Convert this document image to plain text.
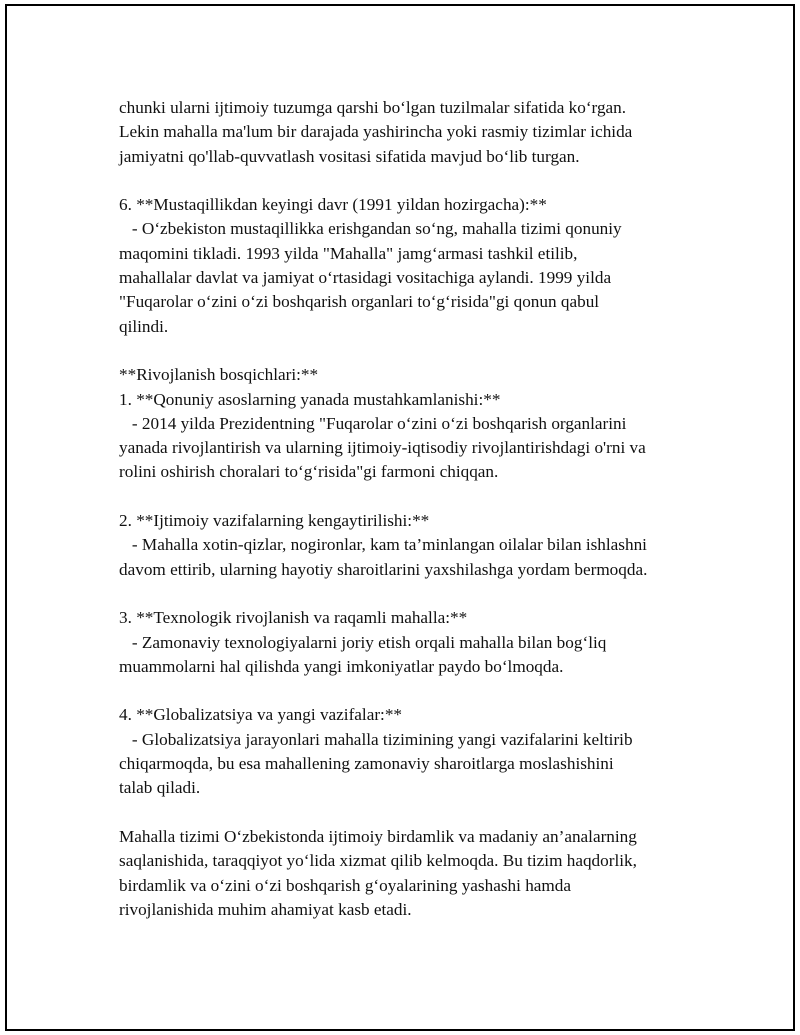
chunki ularni ijtimoiy tuzumga qarshi bo‘lgan tuzilmalar sifatida ko‘rgan.
Lekin mahalla ma'lum bir darajada yashirincha yoki rasmiy tizimlar ichida
jamiyatni qo'llab-quvvatlash vositasi sifatida mavjud bo‘lib turgan.

6. **Mustaqillikdan keyingi davr (1991 yildan hozirgacha):**
- O‘zbekiston mustaqillikka erishgandan so‘ng, mahalla tizimi qonuniy
maqomini tikladi. 1993 yilda "Mahalla" jamg‘armasi tashkil etilib,
mahallalar davlat va jamiyat o‘rtasidagi vositachiga aylandi. 1999 yilda
"Fuqarolar o‘zini o‘zi boshqarish organlari to‘g‘risida"gi qonun qabul
qilindi.

**Rivojlanish bosqichlari:**
1. **Qonuniy asoslarning yanada mustahkamlanishi:**
- 2014 yilda Prezidentning "Fuqarolar o‘zini o‘zi boshqarish organlarini
yanada rivojlantirish va ularning ijtimoiy-iqtisodiy rivojlantirishdagi o'rni va
rolini oshirish choralari to‘g‘risida"gi farmoni chiqqan.

2. **Ijtimoiy vazifalarning kengaytirilishi:**
- Mahalla xotin-qizlar, nogironlar, kam ta’minlangan oilalar bilan ishlashni
davom ettirib, ularning hayotiy sharoitlarini yaxshilashga yordam bermoqda.

3. **Texnologik rivojlanish va raqamli mahalla:**
- Zamonaviy texnologiyalarni joriy etish orqali mahalla bilan bog‘liq
muammolarni hal qilishda yangi imkoniyatlar paydo bo‘lmoqda.

4. **Globalizatsiya va yangi vazifalar:**
- Globalizatsiya jarayonlari mahalla tizimining yangi vazifalarini keltirib
chiqarmoqda, bu esa mahallening zamonaviy sharoitlarga moslashishini
talab qiladi.

Mahalla tizimi O‘zbekistonda ijtimoiy birdamlik va madaniy an’analarning
saqlanishida, taraqqiyot yo‘lida xizmat qilib kelmoqda. Bu tizim haqdorlik,
birdamlik va o‘zini o‘zi boshqarish g‘oyalarining yashashi hamda
rivojlanishida muhim ahamiyat kasb etadi.
